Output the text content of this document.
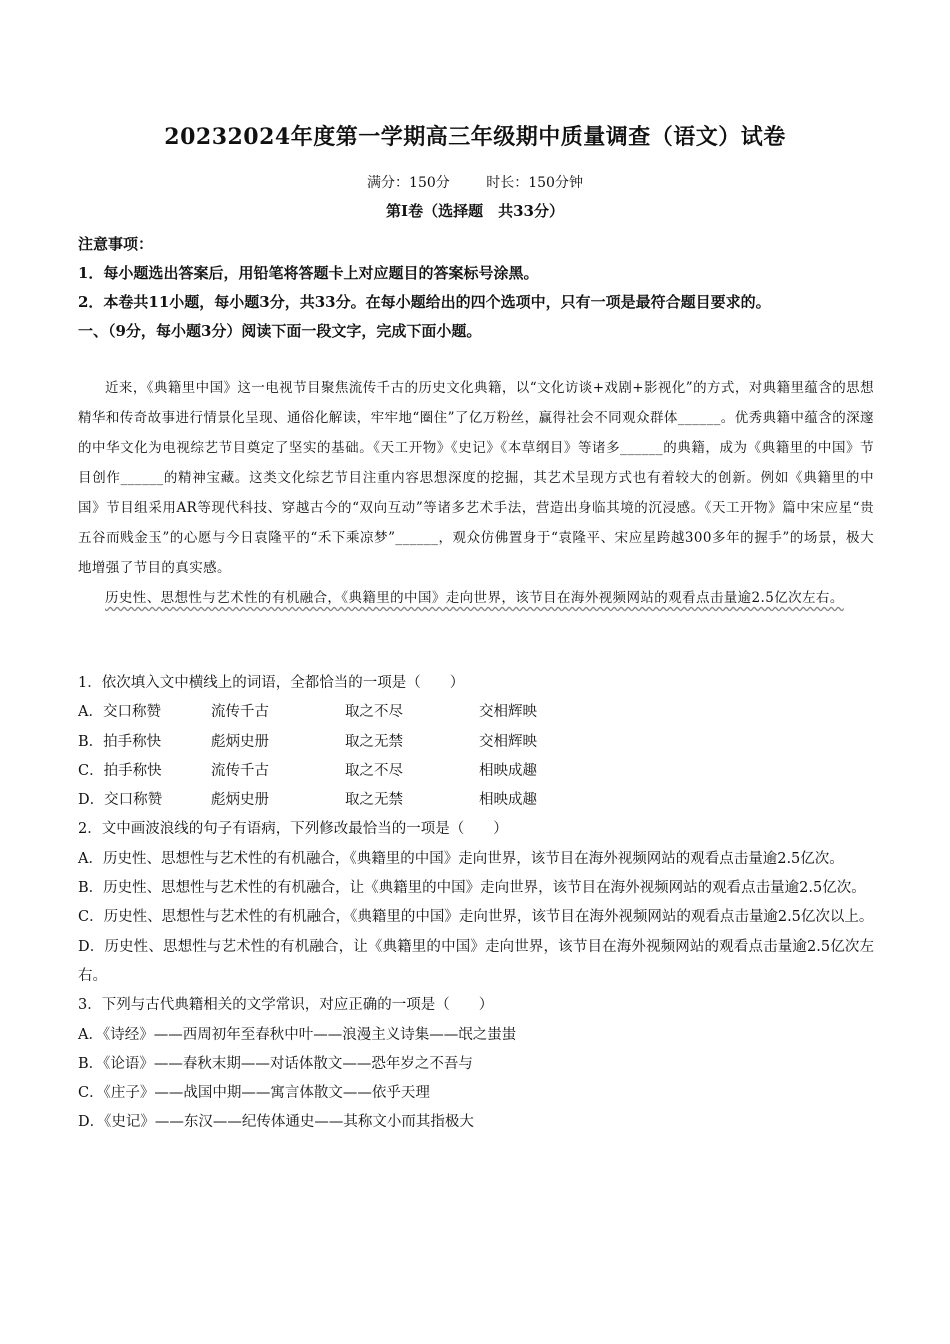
20232024年度第一学期高三年级期中质量调查（语文）试卷
满分：150分	时长：150分钟
第Ⅰ卷（选择题　共33分）
注意事项：
1．每小题选出答案后，用铅笔将答题卡上对应题目的答案标号涂黑。
2．本卷共11小题，每小题3分，共33分。在每小题给出的四个选项中，只有一项是最符合题目要求的。
一、（9分，每小题3分）阅读下面一段文字，完成下面小题。

近来，《典籍里中国》这一电视节目聚焦流传千古的历史文化典籍，以“文化访谈+戏剧+影视化”的方式，对典籍里蕴含的思想精华和传奇故事进行情景化呈现、通俗化解读，牢牢地“圈住”了亿万粉丝，赢得社会不同观众群体______。优秀典籍中蕴含的深邃的中华文化为电视综艺节目奠定了坚实的基础。《天工开物》《史记》《本草纲目》等诸多______的典籍，成为《典籍里的中国》节目创作______的精神宝藏。这类文化综艺节目注重内容思想深度的挖掘，其艺术呈现方式也有着较大的创新。例如《典籍里的中国》节目组采用AR等现代科技、穿越古今的“双向互动”等诸多艺术手法，营造出身临其境的沉浸感。《天工开物》篇中宋应星“贵五谷而贱金玉”的心愿与今日袁隆平的“禾下乘凉梦”______，观众仿佛置身于“袁隆平、宋应星跨越300多年的握手”的场景，极大地增强了节目的真实感。

历史性、思想性与艺术性的有机融合，《典籍里的中国》走向世界，该节目在海外视频网站的观看点击量逾2.5亿次左右。

1．依次填入文中横线上的词语，全都恰当的一项是（　　）

A．交口称赞	流传千古	取之不尽	交相辉映
B．拍手称快	彪炳史册	取之无禁	交相辉映
C．拍手称快	流传千古	取之不尽	相映成趣
D．交口称赞	彪炳史册	取之无禁	相映成趣

2．文中画波浪线的句子有语病，下列修改最恰当的一项是（　　）

A．历史性、思想性与艺术性的有机融合，《典籍里的中国》走向世界，该节目在海外视频网站的观看点击量逾2.5亿次。

B．历史性、思想性与艺术性的有机融合，让《典籍里的中国》走向世界，该节目在海外视频网站的观看点击量逾2.5亿次。

C．历史性、思想性与艺术性的有机融合，《典籍里的中国》走向世界，该节目在海外视频网站的观看点击量逾2.5亿次以上。

D．历史性、思想性与艺术性的有机融合，让《典籍里的中国》走向世界，该节目在海外视频网站的观看点击量逾2.5亿次左右。

3．下列与古代典籍相关的文学常识，对应正确的一项是（　　）

A．《诗经》——西周初年至春秋中叶——浪漫主义诗集——氓之蚩蚩

B．《论语》——春秋末期——对话体散文——恐年岁之不吾与

C．《庄子》——战国中期——寓言体散文——依乎天理

D．《史记》——东汉——纪传体通史——其称文小而其指极大
